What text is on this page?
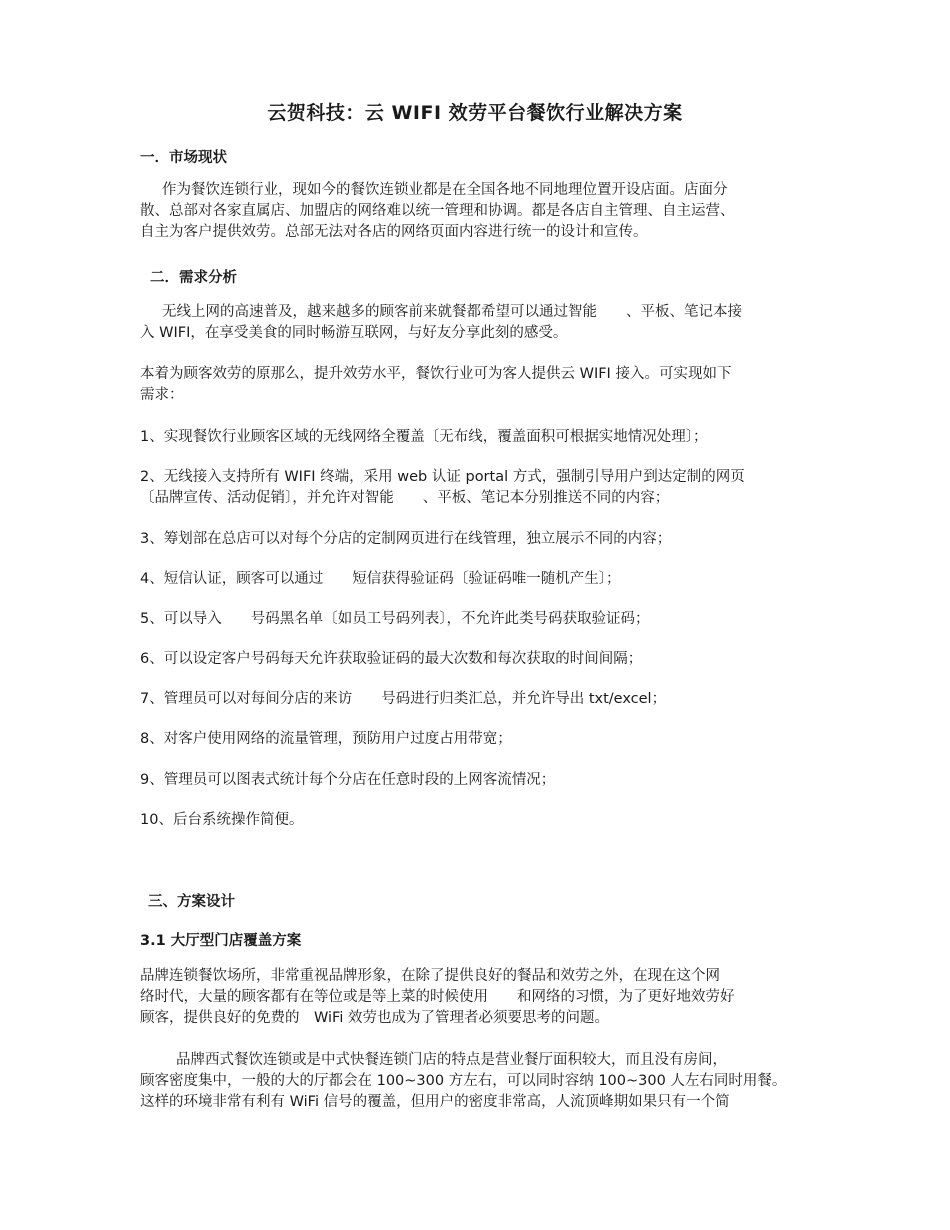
云贺科技：云 WIFI 效劳平台餐饮行业解决方案
一．市场现状
作为餐饮连锁行业，现如今的餐饮连锁业都是在全国各地不同地理位置开设店面。店面分
散、总部对各家直属店、加盟店的网络难以统一管理和协调。都是各店自主管理、自主运营、
自主为客户提供效劳。总部无法对各店的网络页面内容进行统一的设计和宣传。
二．需求分析
无线上网的高速普及，越来越多的顾客前来就餐都希望可以通过智能　　、平板、笔记本接
入 WIFI，在享受美食的同时畅游互联网，与好友分享此刻的感受。
本着为顾客效劳的原那么，提升效劳水平，餐饮行业可为客人提供云 WIFI 接入。可实现如下
需求：
1、实现餐饮行业顾客区域的无线网络全覆盖〔无布线，覆盖面积可根据实地情况处理〕；
2、无线接入支持所有 WIFI 终端，采用 web 认证 portal 方式，强制引导用户到达定制的网页
〔品牌宣传、活动促销〕，并允许对智能　　、平板、笔记本分别推送不同的内容；
3、筹划部在总店可以对每个分店的定制网页进行在线管理，独立展示不同的内容；
4、短信认证，顾客可以通过　　短信获得验证码〔验证码唯一随机产生〕；
5、可以导入　　号码黑名单〔如员工号码列表〕，不允许此类号码获取验证码；
6、可以设定客户号码每天允许获取验证码的最大次数和每次获取的时间间隔；
7、管理员可以对每间分店的来访　　号码进行归类汇总，并允许导出 txt/excel；
8、对客户使用网络的流量管理，预防用户过度占用带宽；
9、管理员可以图表式统计每个分店在任意时段的上网客流情况；
10、后台系统操作简便。
三、方案设计
3.1 大厅型门店覆盖方案
品牌连锁餐饮场所，非常重视品牌形象，在除了提供良好的餐品和效劳之外，在现在这个网
络时代，大量的顾客都有在等位或是等上菜的时候使用　　和网络的习惯，为了更好地效劳好
顾客，提供良好的免费的　WiFi 效劳也成为了管理者必须要思考的问题。
品牌西式餐饮连锁或是中式快餐连锁门店的特点是营业餐厅面积较大，而且没有房间，
顾客密度集中，一般的大的厅都会在 100~300 方左右，可以同时容纳 100~300 人左右同时用餐。
这样的环境非常有利有 WiFi 信号的覆盖，但用户的密度非常高，人流顶峰期如果只有一个简
